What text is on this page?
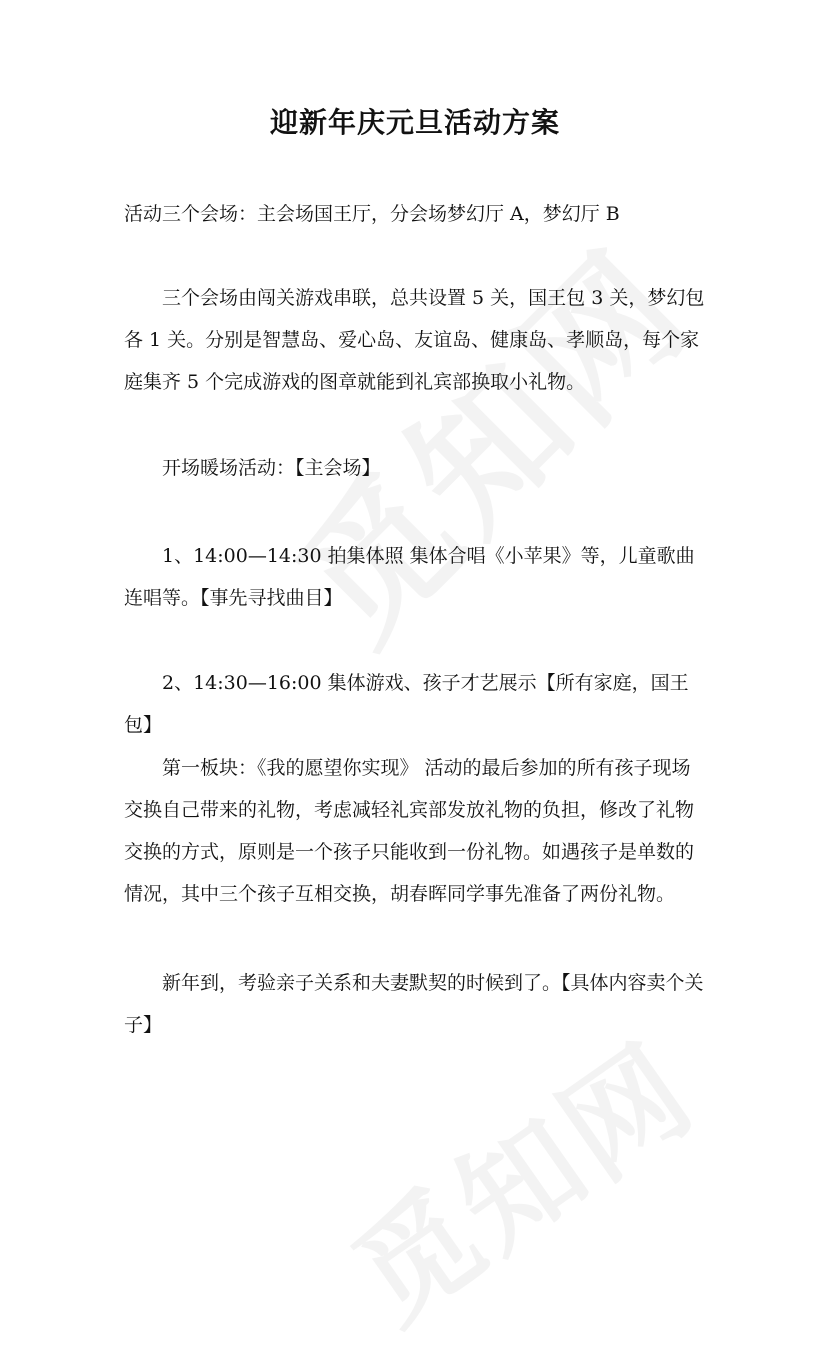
迎新年庆元旦活动方案

活动三个会场：主会场国王厅，分会场梦幻厅 A，梦幻厅 B

三个会场由闯关游戏串联，总共设置 5 关，国王包 3 关，梦幻包各 1 关。分别是智慧岛、爱心岛、友谊岛、健康岛、孝顺岛，每个家庭集齐 5 个完成游戏的图章就能到礼宾部换取小礼物。

开场暖场活动：【主会场】

1、14:00—14:30 拍集体照 集体合唱《小苹果》等，儿童歌曲连唱等。【事先寻找曲目】

2、14:30—16:00 集体游戏、孩子才艺展示【所有家庭，国王包】

第一板块：《我的愿望你实现》 活动的最后参加的所有孩子现场交换自己带来的礼物，考虑减轻礼宾部发放礼物的负担，修改了礼物交换的方式，原则是一个孩子只能收到一份礼物。如遇孩子是单数的情况，其中三个孩子互相交换，胡春晖同学事先准备了两份礼物。

新年到，考验亲子关系和夫妻默契的时候到了。【具体内容卖个关子】
